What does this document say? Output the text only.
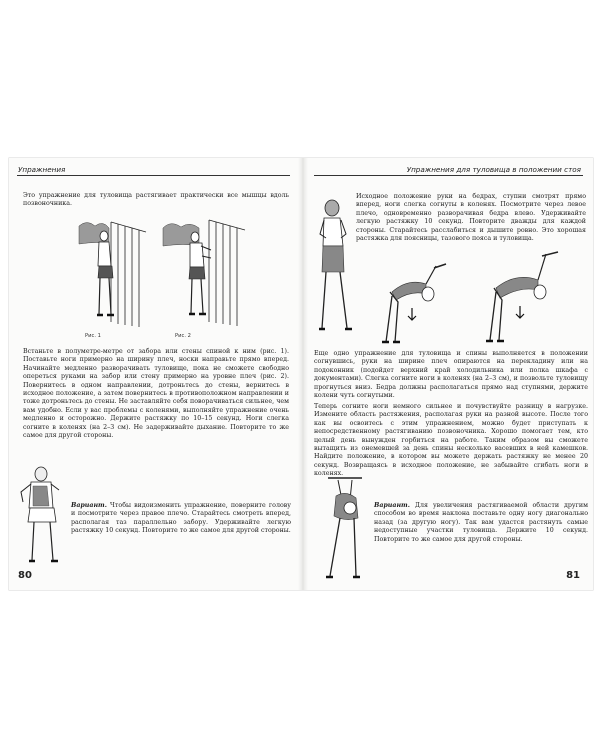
Упражнения
Это упражнение для туловища растягивает практически все мышцы вдоль позвоночника.
Рис. 1	Рис. 2
Встаньте в полуметре-метре от забора или стены спиной к ним (рис. 1). Поставьте ноги примерно на ширину плеч, носки направьте прямо вперед. Начинайте медленно разворачивать туловище, пока не сможете свободно опереться руками на забор или стену примерно на уровне плеч (рис. 2). Повернитесь в одном направлении, дотроньтесь до стены, вернитесь в исходное положение, а затем повернитесь в противоположном направлении и тоже дотроньтесь до стены. Не заставляйте себя поворачиваться сильнее, чем вам удобно. Если у вас проблемы с коленями, выполняйте упражнение очень медленно и осторожно. Держите растяжку по 10–15 секунд. Ноги слегка согните в коленях (на 2–3 см). Не задерживайте дыхание. Повторите то же самое для другой стороны.
Вариант. Чтобы видоизменить упражнение, поверните голову и посмотрите через правое плечо. Старайтесь смотреть вперед, располагая таз параллельно забору. Удерживайте легкую растяжку 10 секунд. Повторите то же самое для другой стороны.
80
Упражнения для туловища в положении стоя
Исходное положение руки на бедрах, ступни смотрят прямо вперед, ноги слегка согнуты в коленях. Посмотрите через левое плечо, одновременно разворачивая бедра влево. Удерживайте легкую растяжку 10 секунд. Повторите дважды для каждой стороны. Старайтесь расслабиться и дышите ровно. Это хорошая растяжка для поясницы, тазового пояса и туловища.
Еще одно упражнение для туловища и спины выполняется в положении согнувшись, руки на ширине плеч опираются на перекладину или на подоконник (подойдет верхний край холодильника или полка шкафа с документами). Слегка согните ноги в коленях (на 2–3 см), и позвольте туловищу прогнуться вниз. Бедра должны располагаться прямо над ступнями, держите колени чуть согнутыми.
Теперь согните ноги немного сильнее и почувствуйте разницу в нагрузке. Измените область растяжения, располагая руки на разной высоте. После того как вы освоитесь с этим упражнением, можно будет приступать к непосредственному растягиванию позвоночника. Хорошо помогает тем, кто целый день вынужден горбиться на работе. Таким образом вы сможете вытащить из онемевшей за день спины несколько васевших в ней камешков. Найдите положение, в котором вы можете держать растяжку не менее 20 секунд. Возвращаясь в исходное положение, не забывайте сгибать ноги в коленях.
Вариант. Для увеличения растягиваемой области другим способом во время наклона поставьте одну ногу диагонально назад (за другую ногу). Так вам удастся растянуть самые недоступные участки туловища. Держите 10 секунд. Повторите то же самое для другой стороны.
81
